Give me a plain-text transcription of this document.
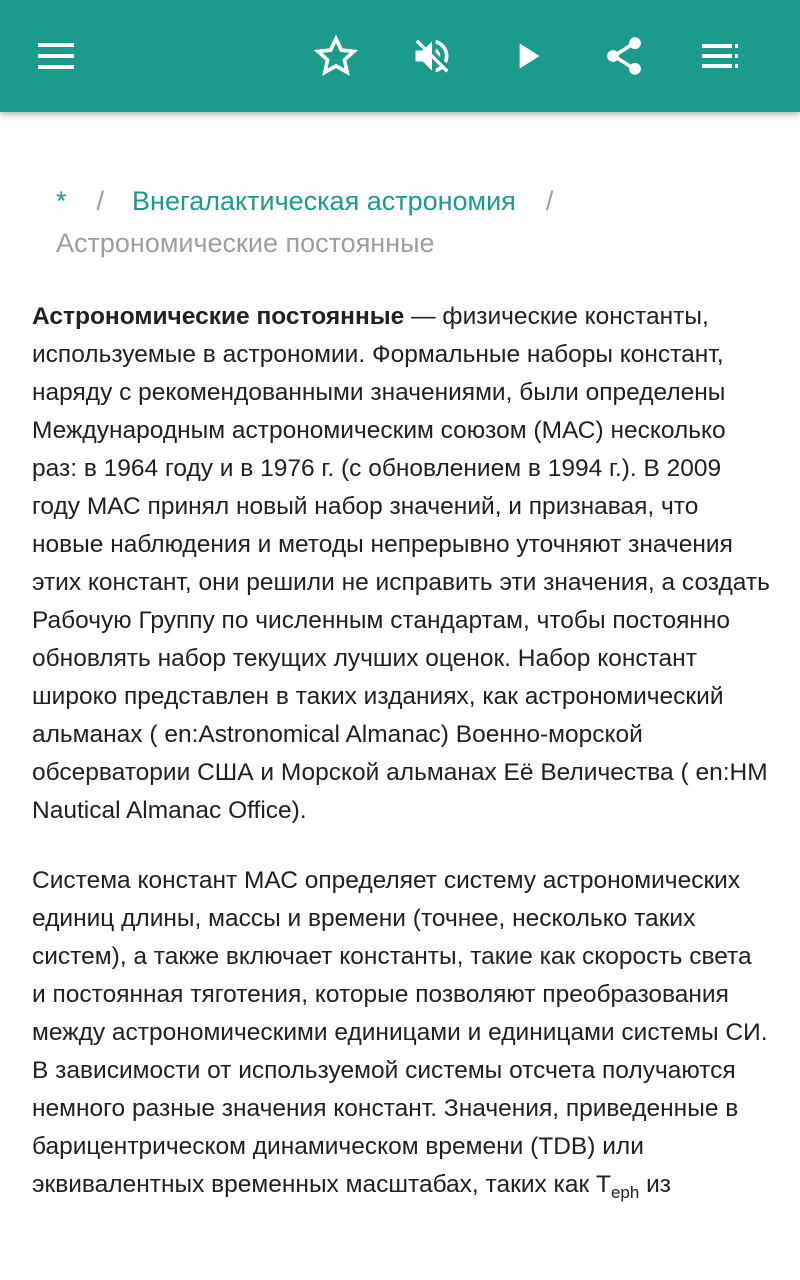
* / Внегалактическая астрономия /
Астрономические постоянные

Астрономические постоянные — физические константы, используемые в астрономии. Формальные наборы констант, наряду с рекомендованными значениями, были определены Международным астрономическим союзом (МАС) несколько раз: в 1964 году и в 1976 г. (с обновлением в 1994 г.). В 2009 году МАС принял новый набор значений, и признавая, что новые наблюдения и методы непрерывно уточняют значения этих констант, они решили не исправить эти значения, а создать Рабочую Группу по численным стандартам, чтобы постоянно обновлять набор текущих лучших оценок. Набор констант широко представлен в таких изданиях, как астрономический альманах ( en:Astronomical Almanac) Военно-морской обсерватории США и Морской альманах Её Величества ( en:HM Nautical Almanac Office).

Система констант МАС определяет систему астрономических единиц длины, массы и времени (точнее, несколько таких систем), а также включает константы, такие как скорость света и постоянная тяготения, которые позволяют преобразования между астрономическими единицами и единицами системы СИ. В зависимости от используемой системы отсчета получаются немного разные значения констант. Значения, приведенные в барицентрическом динамическом времени (TDB) или эквивалентных временных масштабах, таких как $T_{eph}$ из
